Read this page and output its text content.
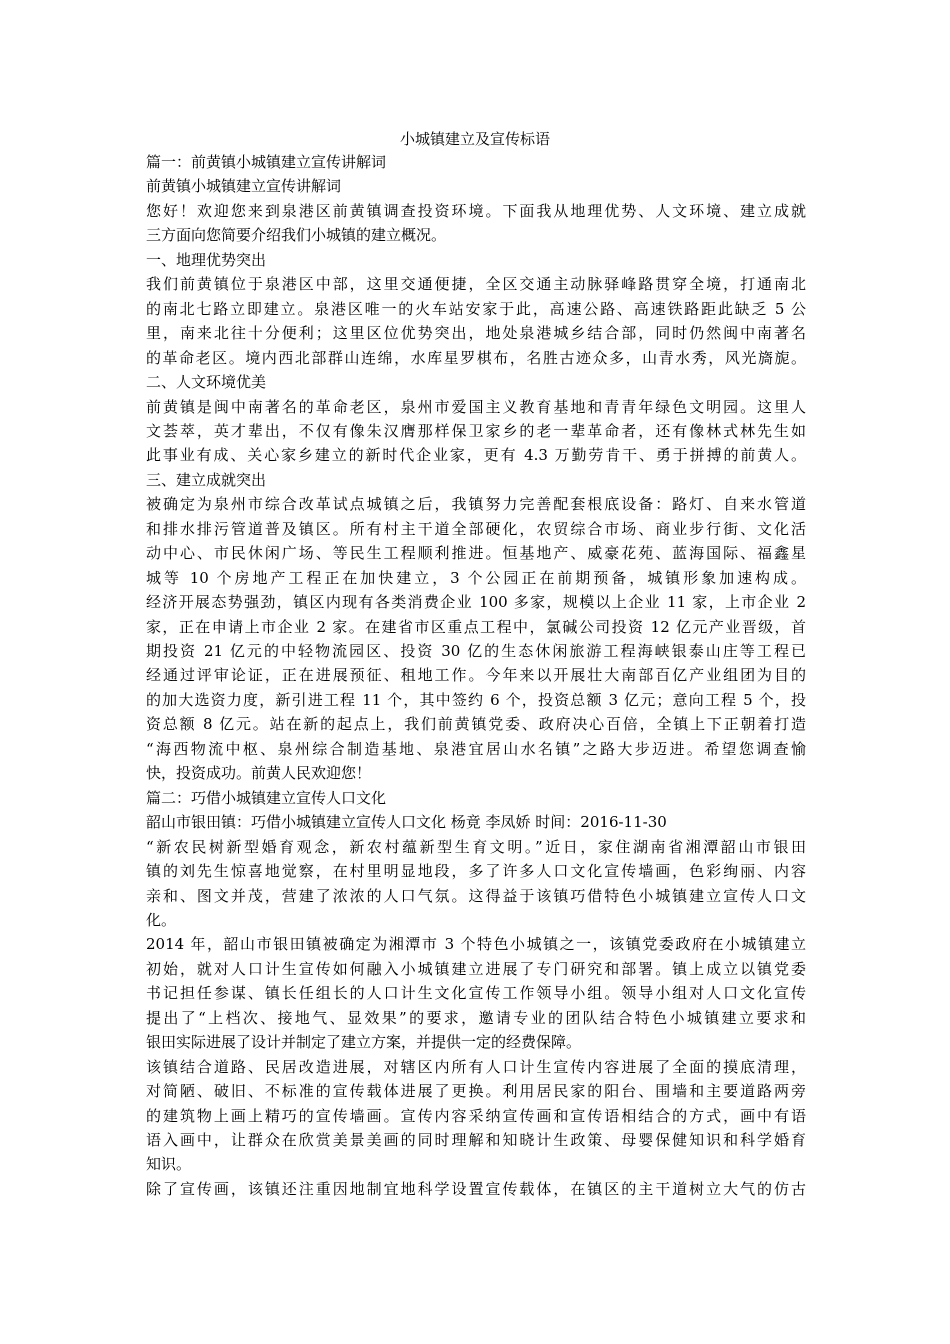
小城镇建立及宣传标语
篇一：前黄镇小城镇建立宣传讲解词
前黄镇小城镇建立宣传讲解词
您好！欢迎您来到泉港区前黄镇调查投资环境。下面我从地理优势、人文环境、建立成就
三方面向您简要介绍我们小城镇的建立概况。
一、地理优势突出
我们前黄镇位于泉港区中部，这里交通便捷，全区交通主动脉驿峰路贯穿全境，打通南北
的南北七路立即建立。泉港区唯一的火车站安家于此，高速公路、高速铁路距此缺乏 5 公
里，南来北往十分便利；这里区位优势突出，地处泉港城乡结合部，同时仍然闽中南著名
的革命老区。境内西北部群山连绵，水库星罗棋布，名胜古迹众多，山青水秀，风光旖旎。
二、人文环境优美
前黄镇是闽中南著名的革命老区，泉州市爱国主义教育基地和青青年绿色文明园。这里人
文荟萃，英才辈出，不仅有像朱汉膺那样保卫家乡的老一辈革命者，还有像林式林先生如
此事业有成、关心家乡建立的新时代企业家，更有 4.3 万勤劳肯干、勇于拼搏的前黄人。
三、建立成就突出
被确定为泉州市综合改革试点城镇之后，我镇努力完善配套根底设备：路灯、自来水管道
和排水排污管道普及镇区。所有村主干道全部硬化，农贸综合市场、商业步行街、文化活
动中心、市民休闲广场、等民生工程顺利推进。恒基地产、威豪花苑、蓝海国际、福鑫星
城等 10 个房地产工程正在加快建立，3 个公园正在前期预备，城镇形象加速构成。
经济开展态势强劲，镇区内现有各类消费企业 100 多家，规模以上企业 11 家，上市企业 2
家，正在申请上市企业 2 家。在建省市区重点工程中，氯碱公司投资 12 亿元产业晋级，首
期投资 21 亿元的中轻物流园区、投资 30 亿的生态休闲旅游工程海峡银泰山庄等工程已
经通过评审论证，正在进展预征、租地工作。今年来以开展壮大南部百亿产业组团为目的
的加大选资力度，新引进工程 11 个，其中签约 6 个，投资总额 3 亿元；意向工程 5 个，投
资总额 8 亿元。站在新的起点上，我们前黄镇党委、政府决心百倍，全镇上下正朝着打造
“海西物流中枢、泉州综合制造基地、泉港宜居山水名镇”之路大步迈进。希望您调查愉
快，投资成功。前黄人民欢迎您！
篇二：巧借小城镇建立宣传人口文化
韶山市银田镇：巧借小城镇建立宣传人口文化 杨竟 李凤娇 时间：2016-11-30
“新农民树新型婚育观念，新农村蕴新型生育文明。”近日，家住湖南省湘潭韶山市银田
镇的刘先生惊喜地觉察，在村里明显地段，多了许多人口文化宣传墙画，色彩绚丽、内容
亲和、图文并茂，营建了浓浓的人口气氛。这得益于该镇巧借特色小城镇建立宣传人口文
化。
2014 年，韶山市银田镇被确定为湘潭市 3 个特色小城镇之一，该镇党委政府在小城镇建立
初始，就对人口计生宣传如何融入小城镇建立进展了专门研究和部署。镇上成立以镇党委
书记担任参谋、镇长任组长的人口计生文化宣传工作领导小组。领导小组对人口文化宣传
提出了“上档次、接地气、显效果”的要求，邀请专业的团队结合特色小城镇建立要求和
银田实际进展了设计并制定了建立方案，并提供一定的经费保障。
该镇结合道路、民居改造进展，对辖区内所有人口计生宣传内容进展了全面的摸底清理，
对简陋、破旧、不标准的宣传载体进展了更换。利用居民家的阳台、围墙和主要道路两旁
的建筑物上画上精巧的宣传墙画。宣传内容采纳宣传画和宣传语相结合的方式，画中有语
语入画中，让群众在欣赏美景美画的同时理解和知晓计生政策、母婴保健知识和科学婚育
知识。
除了宣传画，该镇还注重因地制宜地科学设置宣传载体，在镇区的主干道树立大气的仿古
